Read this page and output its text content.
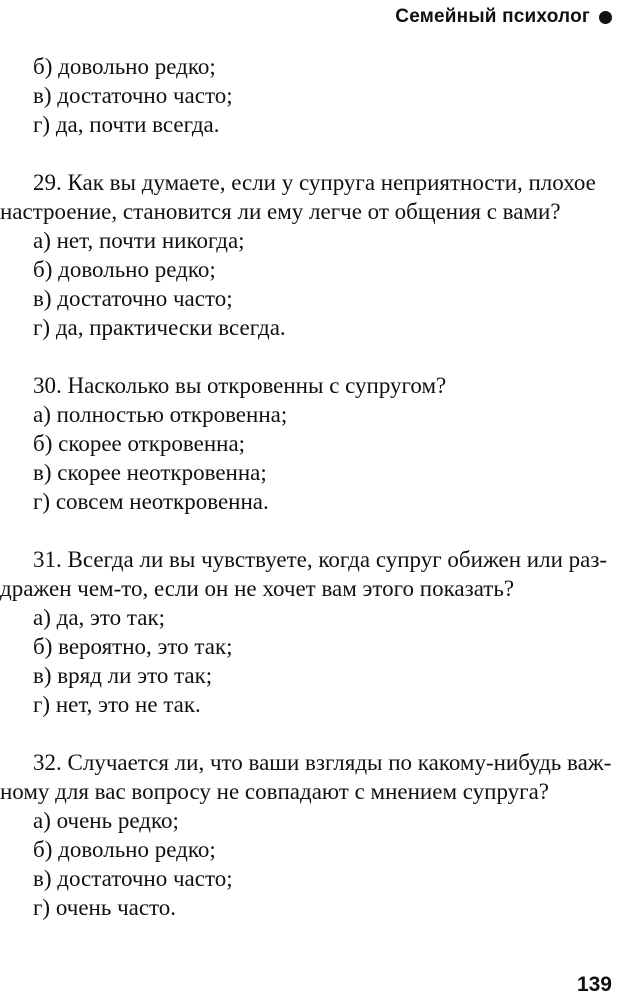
Семейный психолог
б) довольно редко;
в) достаточно часто;
г) да, почти всегда.
29. Как вы думаете, если у супруга неприятности, плохое
настроение, становится ли ему легче от общения с вами?
а) нет, почти никогда;
б) довольно редко;
в) достаточно часто;
г) да, практически всегда.
30. Насколько вы откровенны с супругом?
а) полностью откровенна;
б) скорее откровенна;
в) скорее неоткровенна;
г) совсем неоткровенна.
31. Всегда ли вы чувствуете, когда супруг обижен или раз-
дражен чем-то, если он не хочет вам этого показать?
а) да, это так;
б) вероятно, это так;
в) вряд ли это так;
г) нет, это не так.
32. Случается ли, что ваши взгляды по какому-нибудь важ-
ному для вас вопросу не совпадают с мнением супруга?
а) очень редко;
б) довольно редко;
в) достаточно часто;
г) очень часто.
139
